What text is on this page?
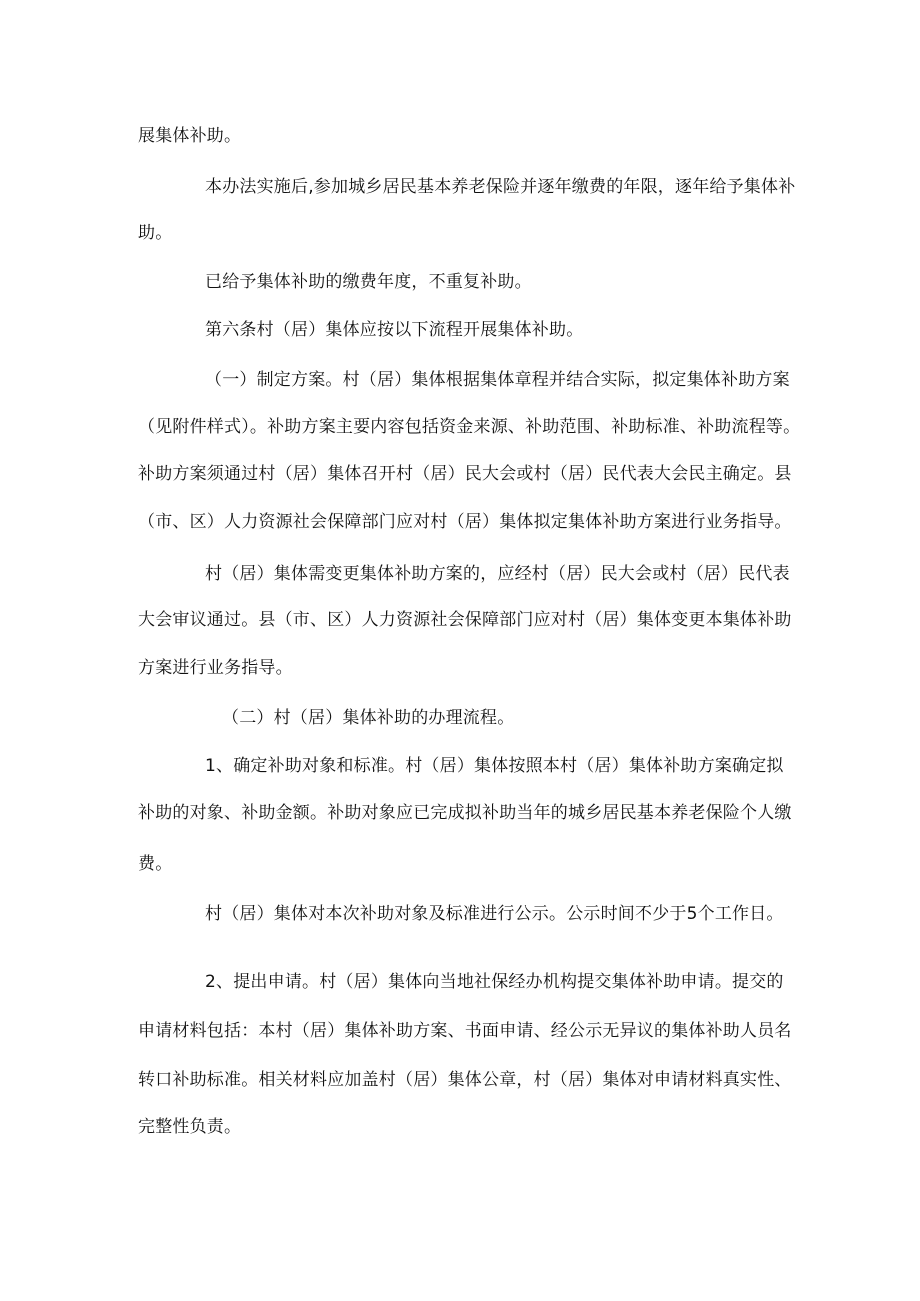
展集体补助。
本办法实施后,参加城乡居民基本养老保险并逐年缴费的年限，逐年给予集体补
助。
已给予集体补助的缴费年度，不重复补助。
第六条村（居）集体应按以下流程开展集体补助。
（一）制定方案。村（居）集体根据集体章程并结合实际，拟定集体补助方案
（见附件样式）。补助方案主要内容包括资金来源、补助范围、补助标准、补助流程等。
补助方案须通过村（居）集体召开村（居）民大会或村（居）民代表大会民主确定。县
（市、区）人力资源社会保障部门应对村（居）集体拟定集体补助方案进行业务指导。
村（居）集体需变更集体补助方案的，应经村（居）民大会或村（居）民代表
大会审议通过。县（市、区）人力资源社会保障部门应对村（居）集体变更本集体补助
方案进行业务指导。
（二）村（居）集体补助的办理流程。
1、确定补助对象和标准。村（居）集体按照本村（居）集体补助方案确定拟
补助的对象、补助金额。补助对象应已完成拟补助当年的城乡居民基本养老保险个人缴
费。
村（居）集体对本次补助对象及标准进行公示。公示时间不少于5个工作日。
2、提出申请。村（居）集体向当地社保经办机构提交集体补助申请。提交的
申请材料包括：本村（居）集体补助方案、书面申请、经公示无异议的集体补助人员名
转口补助标准。相关材料应加盖村（居）集体公章，村（居）集体对申请材料真实性、
完整性负责。
